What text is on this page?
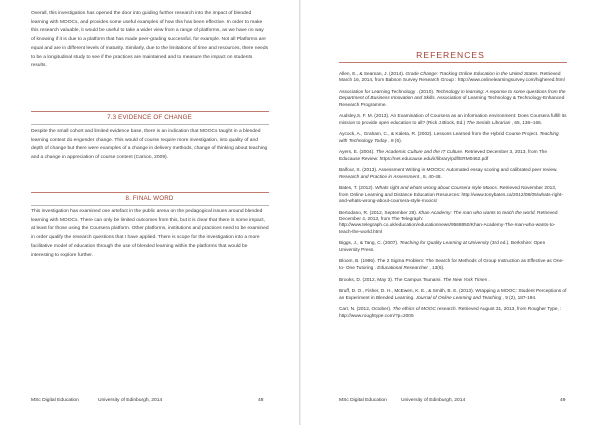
Overall, this investigation has opened the door into guiding further research into the impact of blended learning with MOOCs, and provides some useful examples of how this has been effective. In order to make this research valuable, it would be useful to take a wider view from a range of platforms, as we have no way of knowing if it is due to a platform that has made peer-grading successful, for example. Not all Platforms are equal and are in different levels of maturity. Similarly, due to the limitations of time and resources, there needs to be a longitudinal study to see if the practices are maintained and to measure the impact on students results.

7.3 EVIDENCE OF CHANGE

Despite the small cohort and limited evidence base, there is an indication that MOOCs taught in a blended learning context do engender change. This would of course require more investigation, into quality of and depth of change but there were examples of a change in delivery methods, change of thinking about teaching and a change in appreciation of course content (Carson, 2009).

8. FINAL WORD

This investigation has examined one artefact in the public arena on the pedagogical issues around blended learning with MOOCs. There can only be limited outcomes from this, but it is clear that there is some impact, at least for those using the Coursera platform. Other platforms, institutions and practices need to be examined in order qualify the research questions that I have applied. There is scope for the investigation into a more facilitative model of education through the use of blended learning within the platforms that would be interesting to explore further.

MSc Digital Education	University of Edinburgh, 2014	48
REFERENCES

Allen, E., & Seaman, J. (2014). Grade Change: Tracking Online Education in the United States. Retrieved March 16, 2014, from Babson Survey Research Group : http://www.onlinelearningsurvey.com/highered.html

Association for Learning Technology . (2010). Technology in learning: A reponse to some questions from the Department of Business Innovation and Skills. Association of Learning Technology & Technology-Enhanced Research Programme.

Audsley,S. F. M. (2013). An Examination of Coursera as an information environment: Does Coursera fulfill its mission to provide open education to all? (Rick J.Block, Ed.) The Serials Librarian , 65, 136–166.

Aycock, A., Graham, C., & Kaleta, R. (2002). Lessons Learned from the Hybrid Course Project. Teaching with Technology Today , 8 (6).

Ayers, E. (2004). The Academic Culture and the IT Culture. Retrieved December 3, 2013, from The Educause Review: https://net.educause.edu/ir/library/pdf/ERM0462.pdf

Balfour, S. (2013). Assessment Writing in MOOCs: Automated essay scoring and calibrated peer review. Research and Practice in Assessment , 8, 40-48.

Bates, T. (2012). Whats right and whats wrong about Coursera style Moocs. Retrieved November 2013, from Online Learning and Distance Education Resources: http://www.tonybates.ca/2012/08/05/whats-right-and-whats-wrong-about-coursera-style-moocs/

Bertodano, R. (2012, September 28). Khan Academy: The man who wants to teach the world. Retrieved December 4, 2013, from The Telegraph: http://www.telegraph.co.uk/education/educationnews/9568850/Khan-Academy-The-man-who-wants-to-teach-the-world.html

Biggs, J., & Tang, C. (2007). Teaching for Quality Learning at University (3rd ed.). Berkshire: Open University Press.

Bloom, B. (1996). The 2 Sigma Problem: The Search for Methods of Group Instruction as Effective as One-to- One Tutoring . Educational Researcher , 13(6).

Brooks, D. (2012, May 3). The Campus Tsunami. The New York Times .

Bruff, D. O., Fisher, D. H., McEwen, K. E., & Smith, B. E. (2013). Wrapping a MOOC: Student Perceptions of an Experiment in Blended Learning. Journal of Online Learning and Teaching , 9 (2), 187-194.

Carr, N. (2012, October). The ethics of MOOC research. Retrieved August 31, 2013, from Rougher Type, : http://www.roughtype.com/?p=2005

MSc Digital Education	University of Edinburgh, 2014	49
